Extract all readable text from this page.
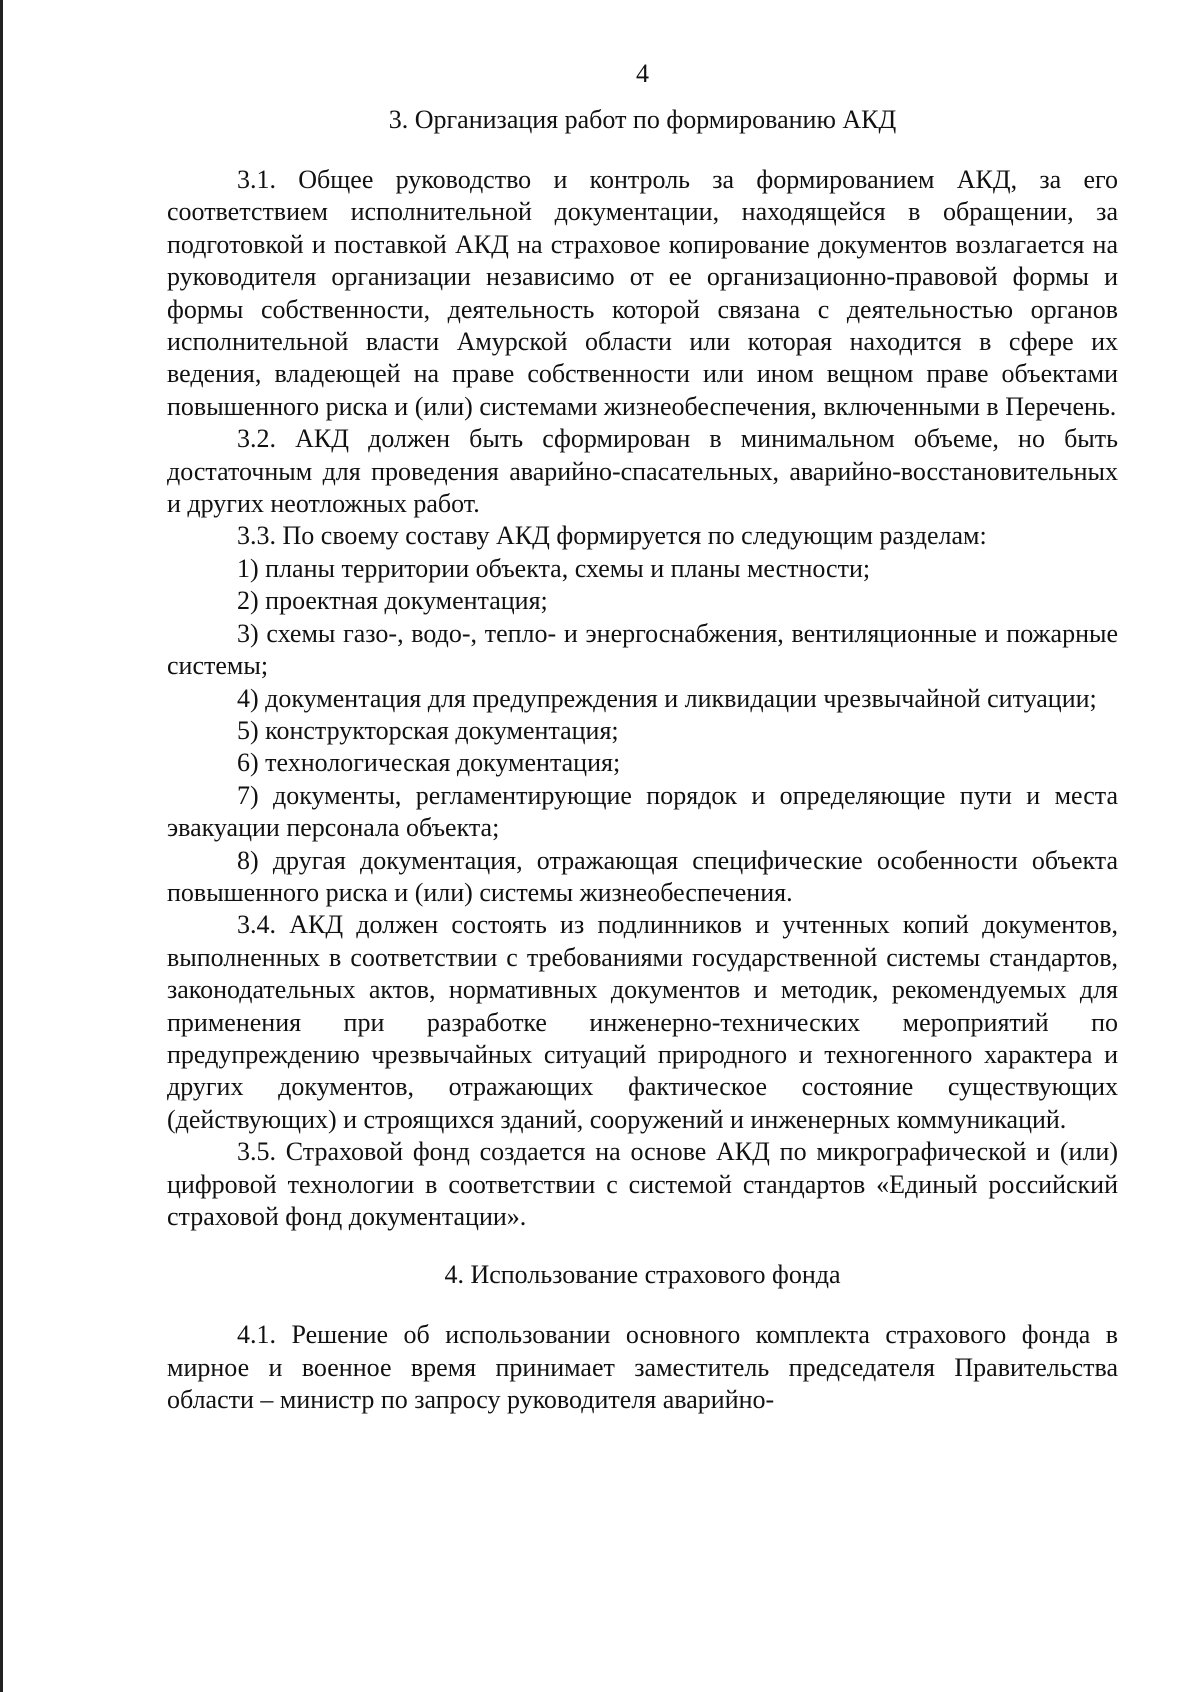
4
3. Организация работ по формированию АКД

3.1. Общее руководство и контроль за формированием АКД, за его соответствием исполнительной документации, находящейся в обращении, за подготовкой и поставкой АКД на страховое копирование документов возлагается на руководителя организации независимо от ее организационно-правовой формы и формы собственности, деятельность которой связана с деятельностью органов исполнительной власти Амурской области или которая находится в сфере их ведения, владеющей на праве собственности или ином вещном праве объектами повышенного риска и (или) системами жизнеобеспечения, включенными в Перечень.

3.2. АКД должен быть сформирован в минимальном объеме, но быть достаточным для проведения аварийно-спасательных, аварийно-восстановительных и других неотложных работ.

3.3. По своему составу АКД формируется по следующим разделам:

1) планы территории объекта, схемы и планы местности;

2) проектная документация;

3) схемы газо-, водо-, тепло- и энергоснабжения, вентиляционные и пожарные системы;

4) документация для предупреждения и ликвидации чрезвычайной ситуации;

5) конструкторская документация;

6) технологическая документация;

7) документы, регламентирующие порядок и определяющие пути и места эвакуации персонала объекта;

8) другая документация, отражающая специфические особенности объекта повышенного риска и (или) системы жизнеобеспечения.

3.4. АКД должен состоять из подлинников и учтенных копий документов, выполненных в соответствии с требованиями государственной системы стандартов, законодательных актов, нормативных документов и методик, рекомендуемых для применения при разработке инженерно-технических мероприятий по предупреждению чрезвычайных ситуаций природного и техногенного характера и других документов, отражающих фактическое состояние существующих (действующих) и строящихся зданий, сооружений и инженерных коммуникаций.

3.5. Страховой фонд создается на основе АКД по микрографической и (или) цифровой технологии в соответствии с системой стандартов «Единый российский страховой фонд документации».

4. Использование страхового фонда

4.1. Решение об использовании основного комплекта страхового фонда в мирное и военное время принимает заместитель председателя Правительства области – министр по запросу руководителя аварийно-
